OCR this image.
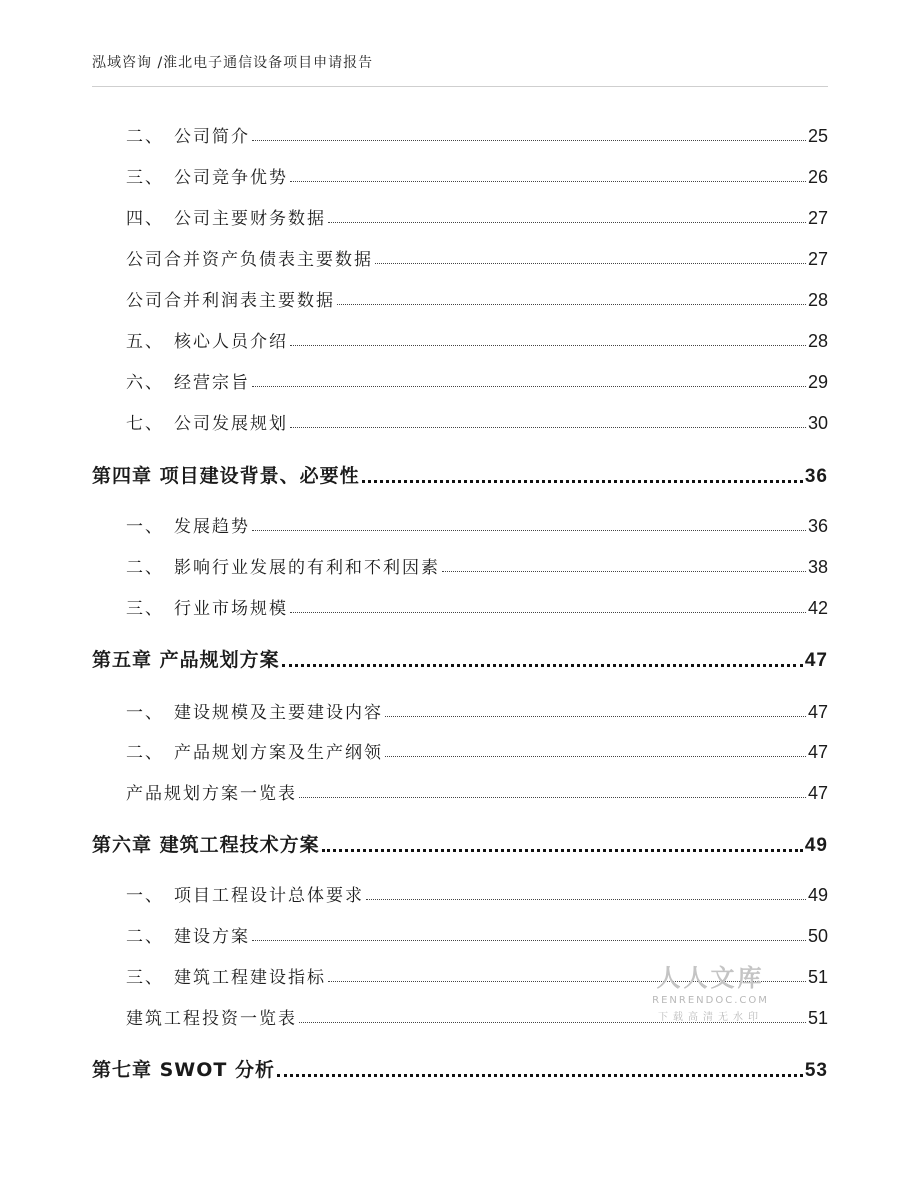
泓域咨询 /淮北电子通信设备项目申请报告
二、 公司简介	25
三、 公司竞争优势	26
四、 公司主要财务数据	27
公司合并资产负债表主要数据	27
公司合并利润表主要数据	28
五、 核心人员介绍	28
六、 经营宗旨	29
七、 公司发展规划	30
第四章 项目建设背景、必要性	36
一、 发展趋势	36
二、 影响行业发展的有利和不利因素	38
三、 行业市场规模	42
第五章 产品规划方案	47
一、 建设规模及主要建设内容	47
二、 产品规划方案及生产纲领	47
产品规划方案一览表	47
第六章 建筑工程技术方案	49
一、 项目工程设计总体要求	49
二、 建设方案	50
三、 建筑工程建设指标	51
建筑工程投资一览表	51
第七章 SWOT 分析	53
人人文库
RENRENDOC.COM
下载高清无水印
